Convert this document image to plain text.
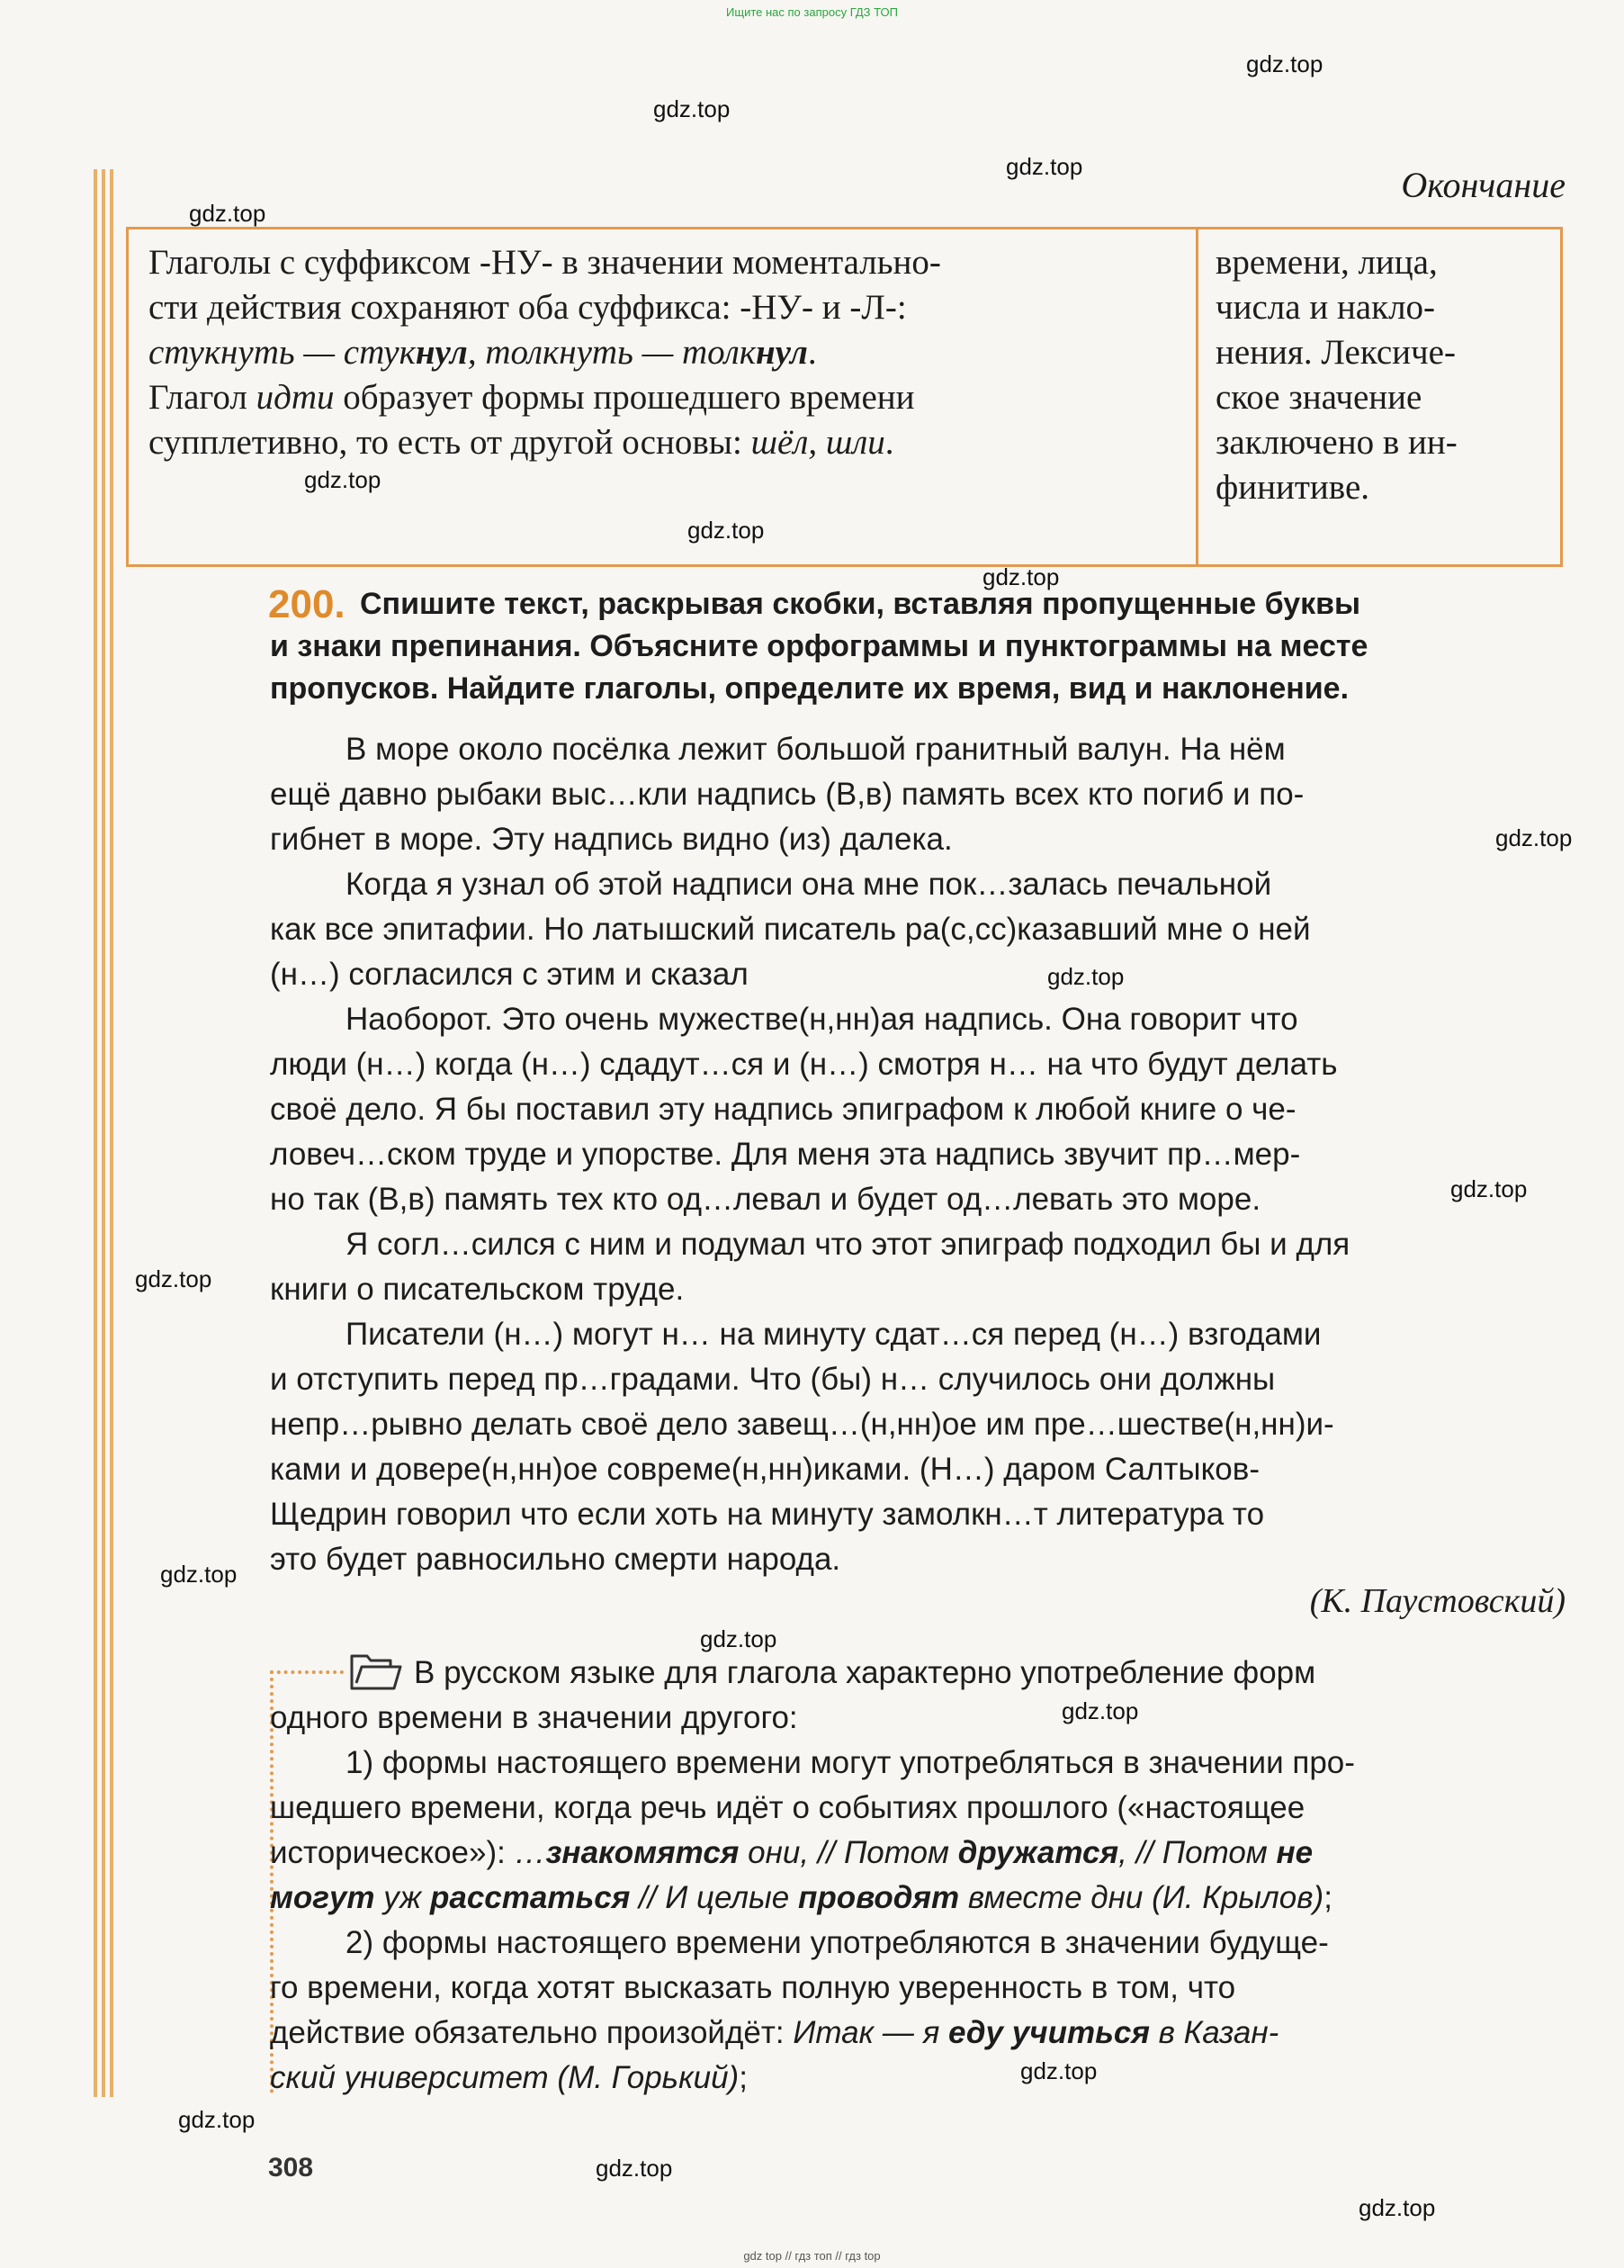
Ищите нас по запросу ГДЗ ТОП
Окончание
Глаголы с суффиксом -НУ- в значении моментально-
сти действия сохраняют оба суффикса: -НУ- и -Л-:
стукнуть — стукнул, толкнуть — толкнул.
Глагол идти образует формы прошедшего времени
супплетивно, то есть от другой основы: шёл, шли.
времени, лица,
числа и накло-
нения. Лексиче-
ское значение
заключено в ин-
финитиве.
200. Спишите текст, раскрывая скобки, вставляя пропущенные буквы
и знаки препинания. Объясните орфограммы и пунктограммы на месте
пропусков. Найдите глаголы, определите их время, вид и наклонение.
В море около посёлка лежит большой гранитный валун. На нём
ещё давно рыбаки выс…кли надпись (В,в) память всех кто погиб и по-
гибнет в море. Эту надпись видно (из) далека.
Когда я узнал об этой надписи она мне пок…залась печальной
как все эпитафии. Но латышский писатель ра(с,сс)казавший мне о ней
(н…) согласился с этим и сказал
Наоборот. Это очень мужестве(н,нн)ая надпись. Она говорит что
люди (н…) когда (н…) сдадут…ся и (н…) смотря н… на что будут делать
своё дело. Я бы поставил эту надпись эпиграфом к любой книге о че-
ловеч…ском труде и упорстве. Для меня эта надпись звучит пр…мер-
но так (В,в) память тех кто од…левал и будет од…левать это море.
Я согл…сился с ним и подумал что этот эпиграф подходил бы и для
книги о писательском труде.
Писатели (н…) могут н… на минуту сдат…ся перед (н…) взгодами
и отступить перед пр…градами. Что (бы) н… случилось они должны
непр…рывно делать своё дело завещ…(н,нн)ое им пре…шестве(н,нн)и-
ками и довере(н,нн)ое совреме(н,нн)иками. (Н…) даром Салтыков-
Щедрин говорил что если хоть на минуту замолкн…т литература то
это будет равносильно смерти народа.
(К. Паустовский)
В русском языке для глагола характерно употребление форм
одного времени в значении другого:
1) формы настоящего времени могут употребляться в значении про-
шедшего времени, когда речь идёт о событиях прошлого («настоящее
историческое»): …знакомятся они, // Потом дружатся, // Потом не
могут уж расстаться // И целые проводят вместе дни (И. Крылов);
2) формы настоящего времени употребляются в значении будуще-
го времени, когда хотят высказать полную уверенность в том, что
действие обязательно произойдёт: Итак — я еду учиться в Казан-
ский университет (М. Горький);
308
gdz.top
gdz.top
gdz.top
gdz.top
gdz.top
gdz.top
gdz.top
gdz.top
gdz.top
gdz.top
gdz.top
gdz.top
gdz.top
gdz.top
gdz.top
gdz.top
gdz.top
gdz.top
gdz top // гдз топ // гдз top
